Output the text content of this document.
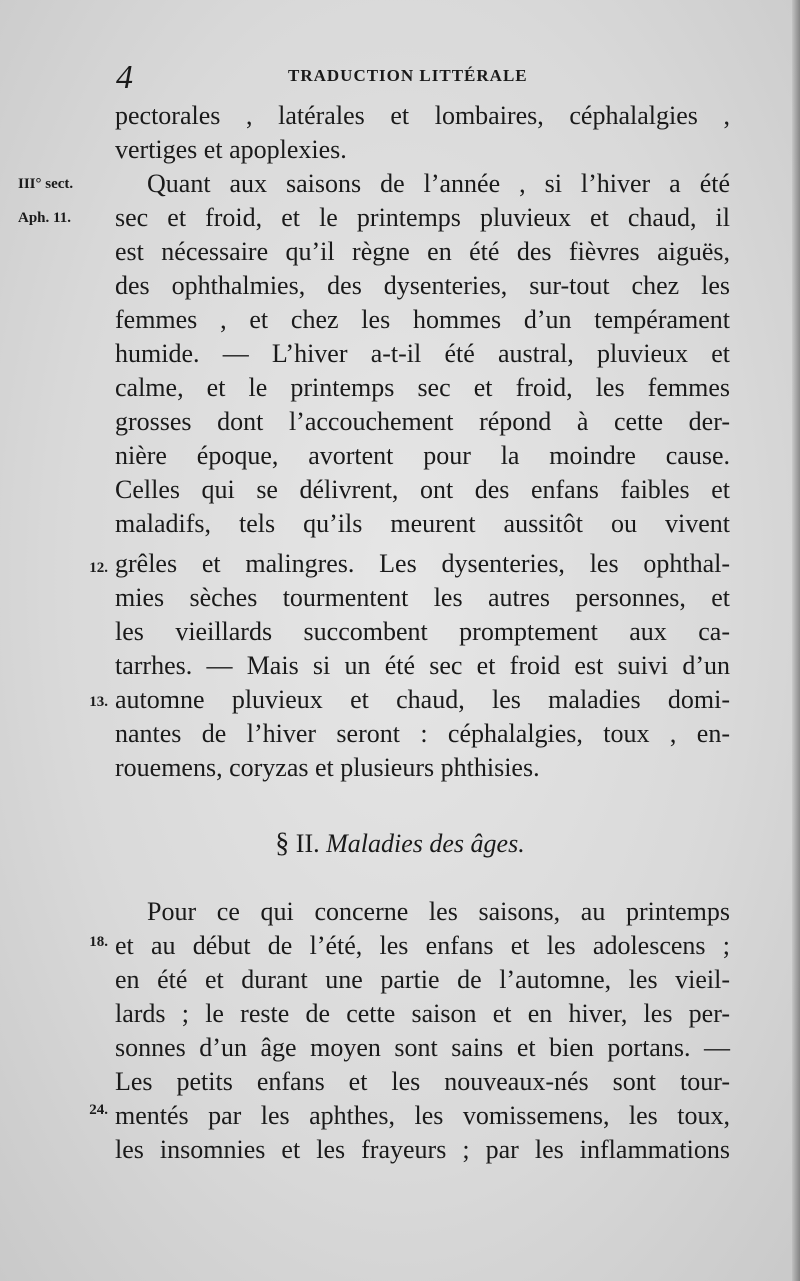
4	TRADUCTION LITTÉRALE
III° sect.
Aph. 11.
12.
13.
18.
24.
pectorales , latérales et lombaires, céphalalgies ,
vertiges et apoplexies.
Quant aux saisons de l’année , si l’hiver a été
sec et froid, et le printemps pluvieux et chaud, il
est nécessaire qu’il règne en été des fièvres aiguës,
des ophthalmies, des dysenteries, sur-tout chez les
femmes , et chez les hommes d’un tempérament
humide. — L’hiver a-t-il été austral, pluvieux et
calme, et le printemps sec et froid, les femmes
grosses dont l’accouchement répond à cette der-
nière époque, avortent pour la moindre cause.
Celles qui se délivrent, ont des enfans faibles et
maladifs, tels qu’ils meurent aussitôt ou vivent
grêles et malingres. Les dysenteries, les ophthal-
mies sèches tourmentent les autres personnes, et
les vieillards succombent promptement aux ca-
tarrhes. — Mais si un été sec et froid est suivi d’un
automne pluvieux et chaud, les maladies domi-
nantes de l’hiver seront : céphalalgies, toux , en-
rouemens, coryzas et plusieurs phthisies.
§ II. Maladies des âges.
Pour ce qui concerne les saisons, au printemps
et au début de l’été, les enfans et les adolescens ;
en été et durant une partie de l’automne, les vieil-
lards ; le reste de cette saison et en hiver, les per-
sonnes d’un âge moyen sont sains et bien portans. —
Les petits enfans et les nouveaux-nés sont tour-
mentés par les aphthes, les vomissemens, les toux,
les insomnies et les frayeurs ; par les inflammations
